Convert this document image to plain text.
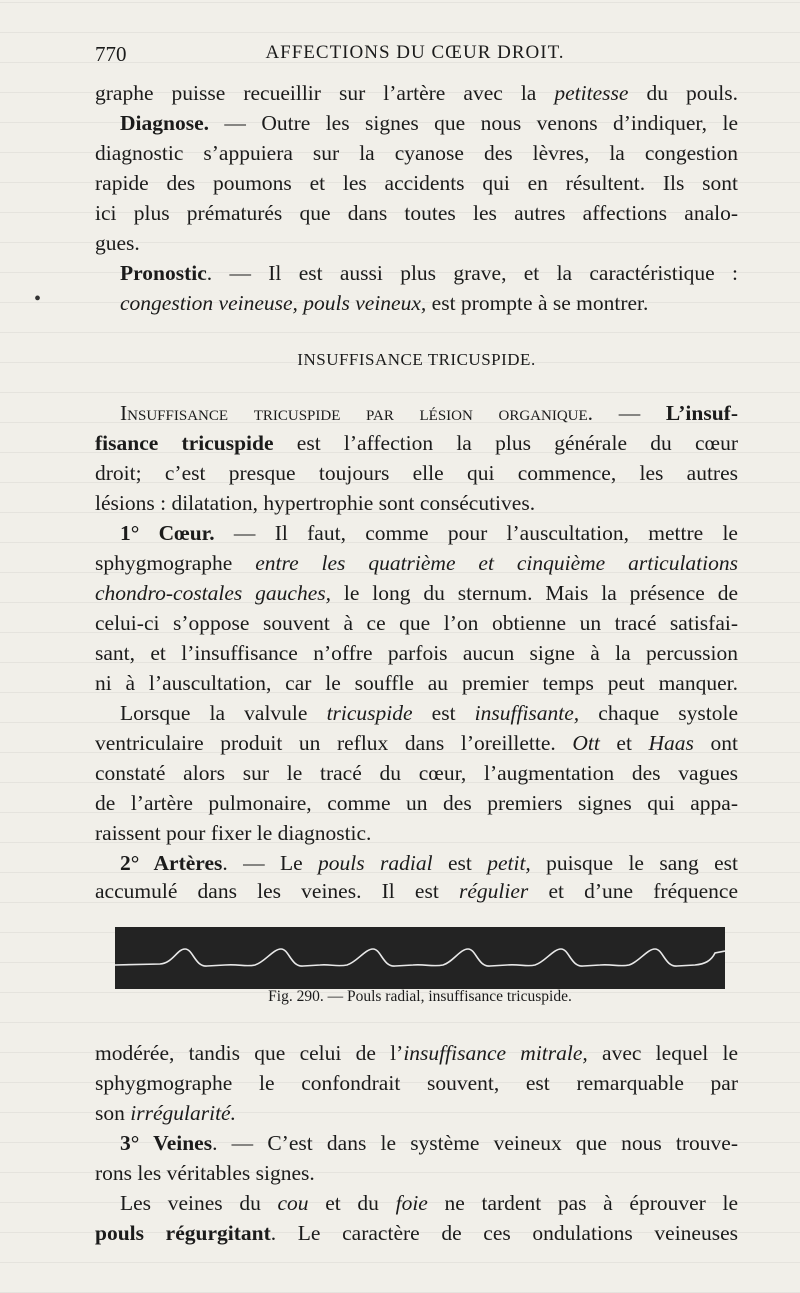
770	AFFECTIONS DU CŒUR DROIT.
graphe puisse recueillir sur l’artère avec la petitesse du pouls.
Diagnose. — Outre les signes que nous venons d’indiquer, le
diagnostic s’appuiera sur la cyanose des lèvres, la congestion
rapide des poumons et les accidents qui en résultent. Ils sont
ici plus prématurés que dans toutes les autres affections analo-
gues.
Pronostic. — Il est aussi plus grave, et la caractéristique :
congestion veineuse, pouls veineux, est prompte à se montrer.
•
INSUFFISANCE TRICUSPIDE.
Insuffisance tricuspide par lésion organique. — L’insuf-
fisance tricuspide est l’affection la plus générale du cœur
droit; c’est presque toujours elle qui commence, les autres
lésions : dilatation, hypertrophie sont consécutives.
1° Cœur. — Il faut, comme pour l’auscultation, mettre le
sphygmographe entre les quatrième et cinquième articulations
chondro-costales gauches, le long du sternum. Mais la présence de
celui-ci s’oppose souvent à ce que l’on obtienne un tracé satisfai-
sant, et l’insuffisance n’offre parfois aucun signe à la percussion
ni à l’auscultation, car le souffle au premier temps peut manquer.
Lorsque la valvule tricuspide est insuffisante, chaque systole
ventriculaire produit un reflux dans l’oreillette. Ott et Haas ont
constaté alors sur le tracé du cœur, l’augmentation des vagues
de l’artère pulmonaire, comme un des premiers signes qui appa-
raissent pour fixer le diagnostic.
2° Artères. — Le pouls radial est petit, puisque le sang est
accumulé dans les veines. Il est régulier et d’une fréquence
Fig. 290. — Pouls radial, insuffisance tricuspide.
modérée, tandis que celui de l’insuffisance mitrale, avec lequel le
sphygmographe le confondrait souvent, est remarquable par
son irrégularité.
3° Veines. — C’est dans le système veineux que nous trouve-
rons les véritables signes.
Les veines du cou et du foie ne tardent pas à éprouver le
pouls régurgitant. Le caractère de ces ondulations veineuses
